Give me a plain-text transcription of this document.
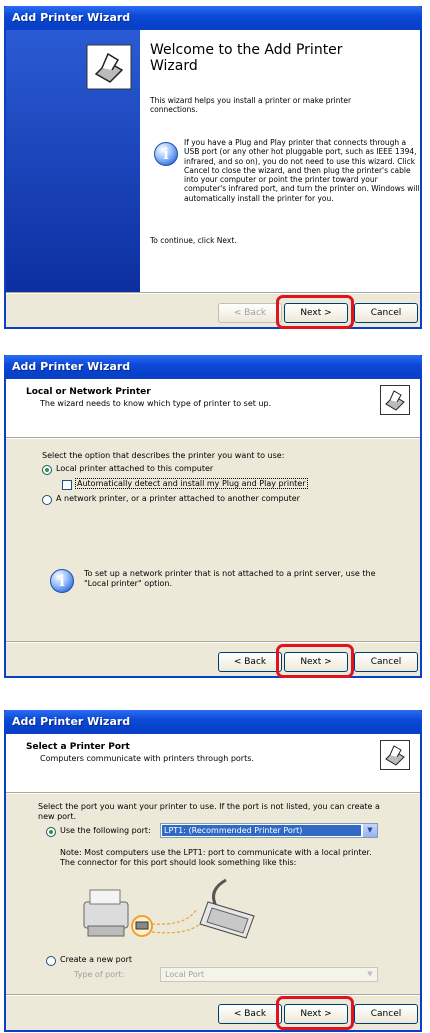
Add Printer Wizard
Welcome to the Add Printer Wizard
This wizard helps you install a printer or make printer connections.
i
If you have a Plug and Play printer that connects through a USB port (or any other hot pluggable port, such as IEEE 1394, infrared, and so on), you do not need to use this wizard. Click Cancel to close the wizard, and then plug the printer's cable into your computer or point the printer toward your computer's infrared port, and turn the printer on. Windows will automatically install the printer for you.
To continue, click Next.
< Back	Next >	Cancel
Add Printer Wizard
Local or Network Printer
The wizard needs to know which type of printer to set up.
Select the option that describes the printer you want to use:
Local printer attached to this computer
Automatically detect and install my Plug and Play printer
A network printer, or a printer attached to another computer
i	To set up a network printer that is not attached to a print server, use the "Local printer" option.
< Back	Next >	Cancel
Add Printer Wizard
Select a Printer Port
Computers communicate with printers through ports.
Select the port you want your printer to use. If the port is not listed, you can create a new port.
Use the following port: LPT1: (Recommended Printer Port)	▼
Note: Most computers use the LPT1: port to communicate with a local printer. The connector for this port should look something like this:
Create a new port
Type of port:	Local Port	▼
< Back	Next >	Cancel
